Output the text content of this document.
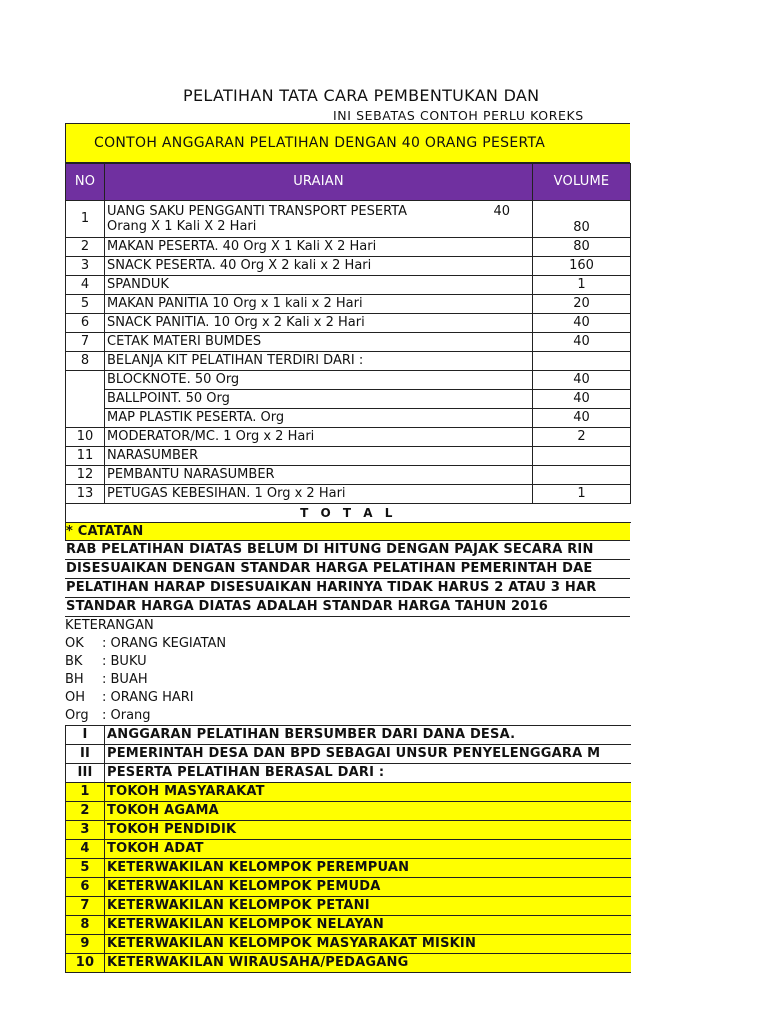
PELATIHAN TATA CARA PEMBENTUKAN DAN
INI SEBATAS CONTOH PERLU KOREKS
CONTOH ANGGARAN PELATIHAN DENGAN 40 ORANG PESERTA
NO	URAIAN	VOLUME
1	UANG SAKU PENGGANTI TRANSPORT PESERTA 40
Orang X 1 Kali X 2 Hari	80
2	MAKAN PESERTA. 40 Org X 1 Kali X 2 Hari	80
3	SNACK PESERTA. 40 Org X 2 kali x 2 Hari	160
4	SPANDUK	1
5	MAKAN PANITIA 10 Org x 1 kali x 2 Hari	20
6	SNACK PANITIA. 10 Org x 2 Kali x 2 Hari	40
7	CETAK MATERI BUMDES	40
8	BELANJA KIT PELATIHAN TERDIRI DARI :	
	BLOCKNOTE. 50 Org	40
	BALLPOINT. 50 Org	40
	MAP PLASTIK PESERTA. Org	40
10	MODERATOR/MC. 1 Org x 2 Hari	2
11	NARASUMBER	
12	PEMBANTU NARASUMBER	
13	PETUGAS KEBESIHAN. 1 Org x 2 Hari	1
T O T A L		
* CATATAN
RAB PELATIHAN DIATAS BELUM DI HITUNG DENGAN PAJAK SECARA RIN
DISESUAIKAN DENGAN STANDAR HARGA PELATIHAN PEMERINTAH DAE
PELATIHAN HARAP DISESUAIKAN HARINYA TIDAK HARUS 2 ATAU 3 HAR
STANDAR HARGA DIATAS ADALAH STANDAR HARGA TAHUN 2016
KETERANGAN
OK	: ORANG KEGIATAN
BK	: BUKU
BH	: BUAH
OH	: ORANG HARI
Org	: Orang
I	ANGGARAN PELATIHAN BERSUMBER DARI DANA DESA.
II	PEMERINTAH DESA DAN BPD SEBAGAI UNSUR PENYELENGGARA M
III	PESERTA PELATIHAN BERASAL DARI :
1	TOKOH MASYARAKAT
2	TOKOH AGAMA
3	TOKOH PENDIDIK
4	TOKOH ADAT
5	KETERWAKILAN KELOMPOK PEREMPUAN
6	KETERWAKILAN KELOMPOK PEMUDA
7	KETERWAKILAN KELOMPOK PETANI
8	KETERWAKILAN KELOMPOK NELAYAN
9	KETERWAKILAN KELOMPOK MASYARAKAT MISKIN
10	KETERWAKILAN WIRAUSAHA/PEDAGANG
